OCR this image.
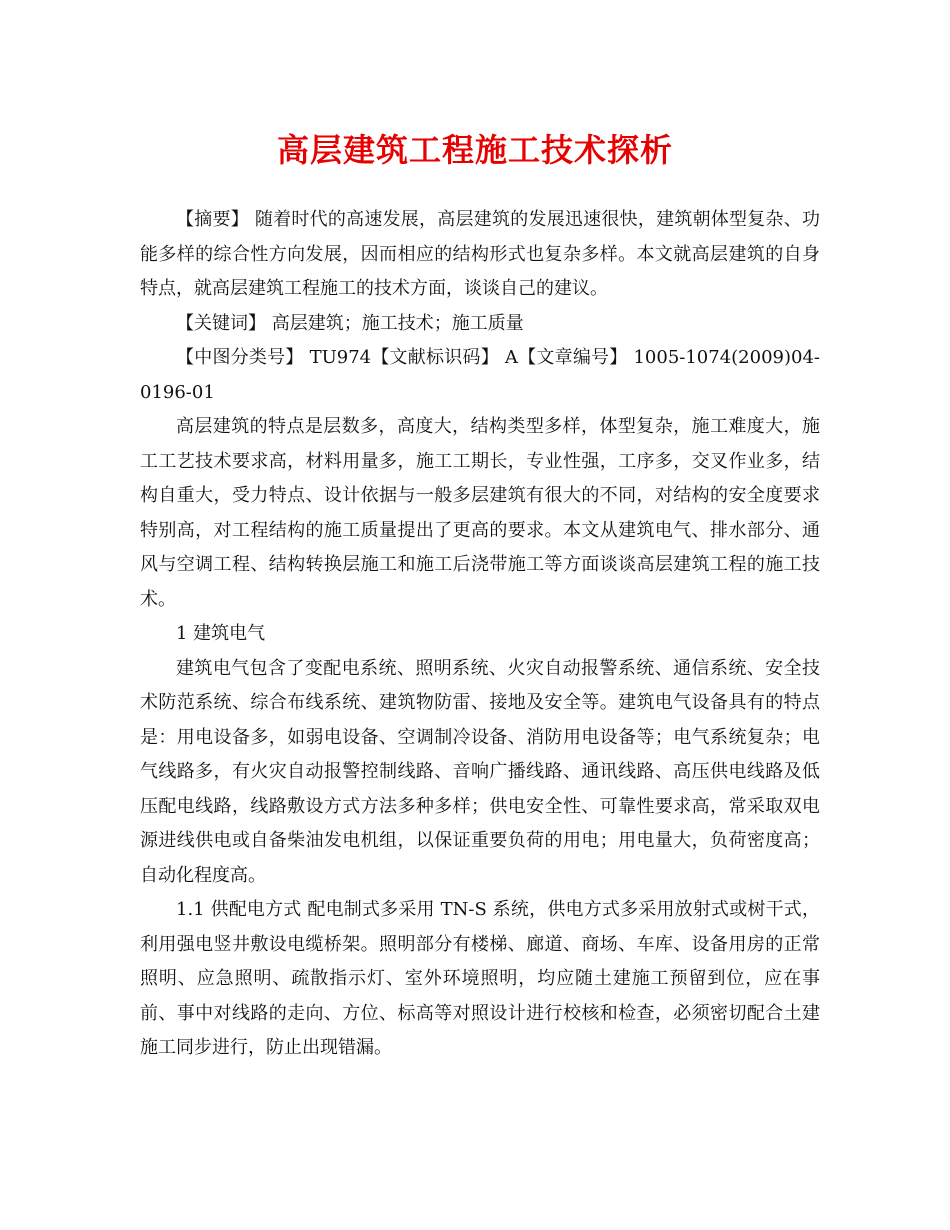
高层建筑工程施工技术探析

【摘要】 随着时代的高速发展，高层建筑的发展迅速很快，建筑朝体型复杂、功能多样的综合性方向发展，因而相应的结构形式也复杂多样。本文就高层建筑的自身特点，就高层建筑工程施工的技术方面，谈谈自己的建议。

【关键词】 高层建筑；施工技术；施工质量

【中图分类号】 TU974【文献标识码】 A【文章编号】 1005-1074(2009)04-0196-01

高层建筑的特点是层数多，高度大，结构类型多样，体型复杂，施工难度大，施工工艺技术要求高，材料用量多，施工工期长，专业性强，工序多，交叉作业多，结构自重大，受力特点、设计依据与一般多层建筑有很大的不同，对结构的安全度要求特别高，对工程结构的施工质量提出了更高的要求。本文从建筑电气、排水部分、通风与空调工程、结构转换层施工和施工后浇带施工等方面谈谈高层建筑工程的施工技术。

1 建筑电气

建筑电气包含了变配电系统、照明系统、火灾自动报警系统、通信系统、安全技术防范系统、综合布线系统、建筑物防雷、接地及安全等。建筑电气设备具有的特点是：用电设备多，如弱电设备、空调制冷设备、消防用电设备等；电气系统复杂；电气线路多，有火灾自动报警控制线路、音响广播线路、通讯线路、高压供电线路及低压配电线路，线路敷设方式方法多种多样；供电安全性、可靠性要求高，常采取双电源进线供电或自备柴油发电机组，以保证重要负荷的用电；用电量大，负荷密度高；自动化程度高。

1.1 供配电方式 配电制式多采用 TN-S 系统，供电方式多采用放射式或树干式，利用强电竖井敷设电缆桥架。照明部分有楼梯、廊道、商场、车库、设备用房的正常照明、应急照明、疏散指示灯、室外环境照明，均应随土建施工预留到位，应在事前、事中对线路的走向、方位、标高等对照设计进行校核和检查，必须密切配合土建施工同步进行，防止出现错漏。
